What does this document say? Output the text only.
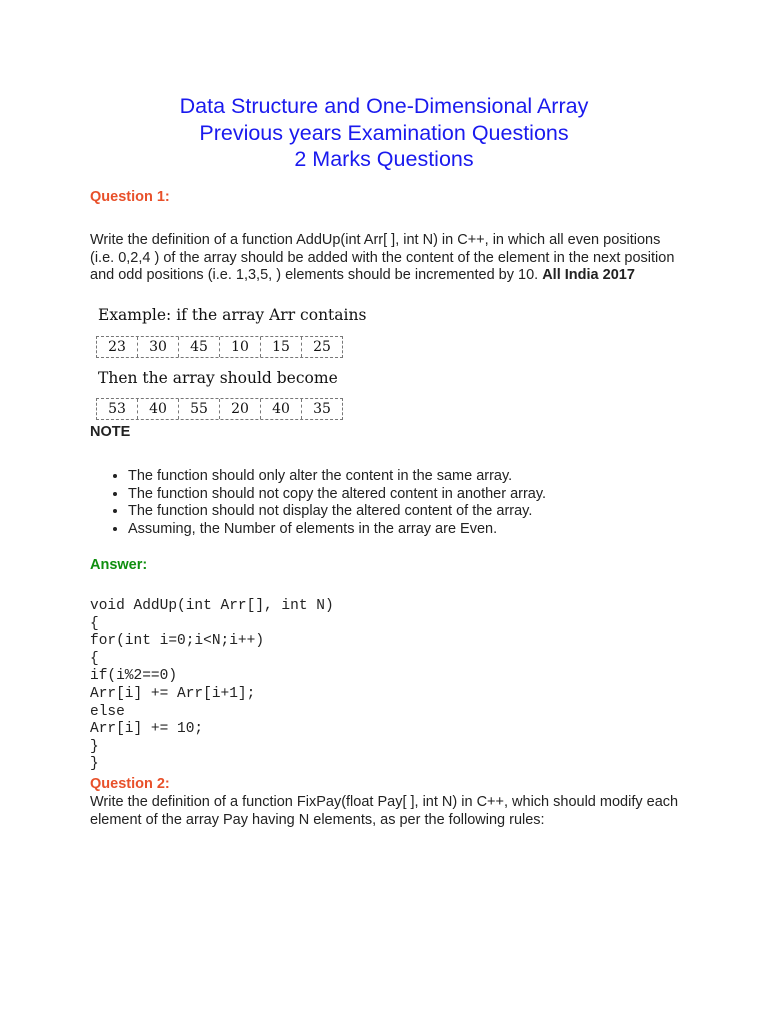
Data Structure and One-Dimensional Array
Previous years Examination Questions
2 Marks Questions
Question 1:
Write the definition of a function AddUp(int Arr[ ], int N) in C++, in which all even positions (i.e. 0,2,4 ) of the array should be added with the content of the element in the next position and odd positions (i.e. 1,3,5, ) elements should be incremented by 10. All India 2017
Example: if the array Arr contains
23	30	45	10	15	25
Then the array should become
53	40	55	20	40	35
NOTE
• The function should only alter the content in the same array.
• The function should not copy the altered content in another array.
• The function should not display the altered content of the array.
• Assuming, the Number of elements in the array are Even.
Answer:
void AddUp(int Arr[], int N)
{
for(int i=0;i<N;i++)
{
if(i%2==0)
Arr[i] += Arr[i+1];
else
Arr[i] += 10;
}
}
Question 2:
Write the definition of a function FixPay(float Pay[ ], int N) in C++, which should modify each element of the array Pay having N elements, as per the following rules:
